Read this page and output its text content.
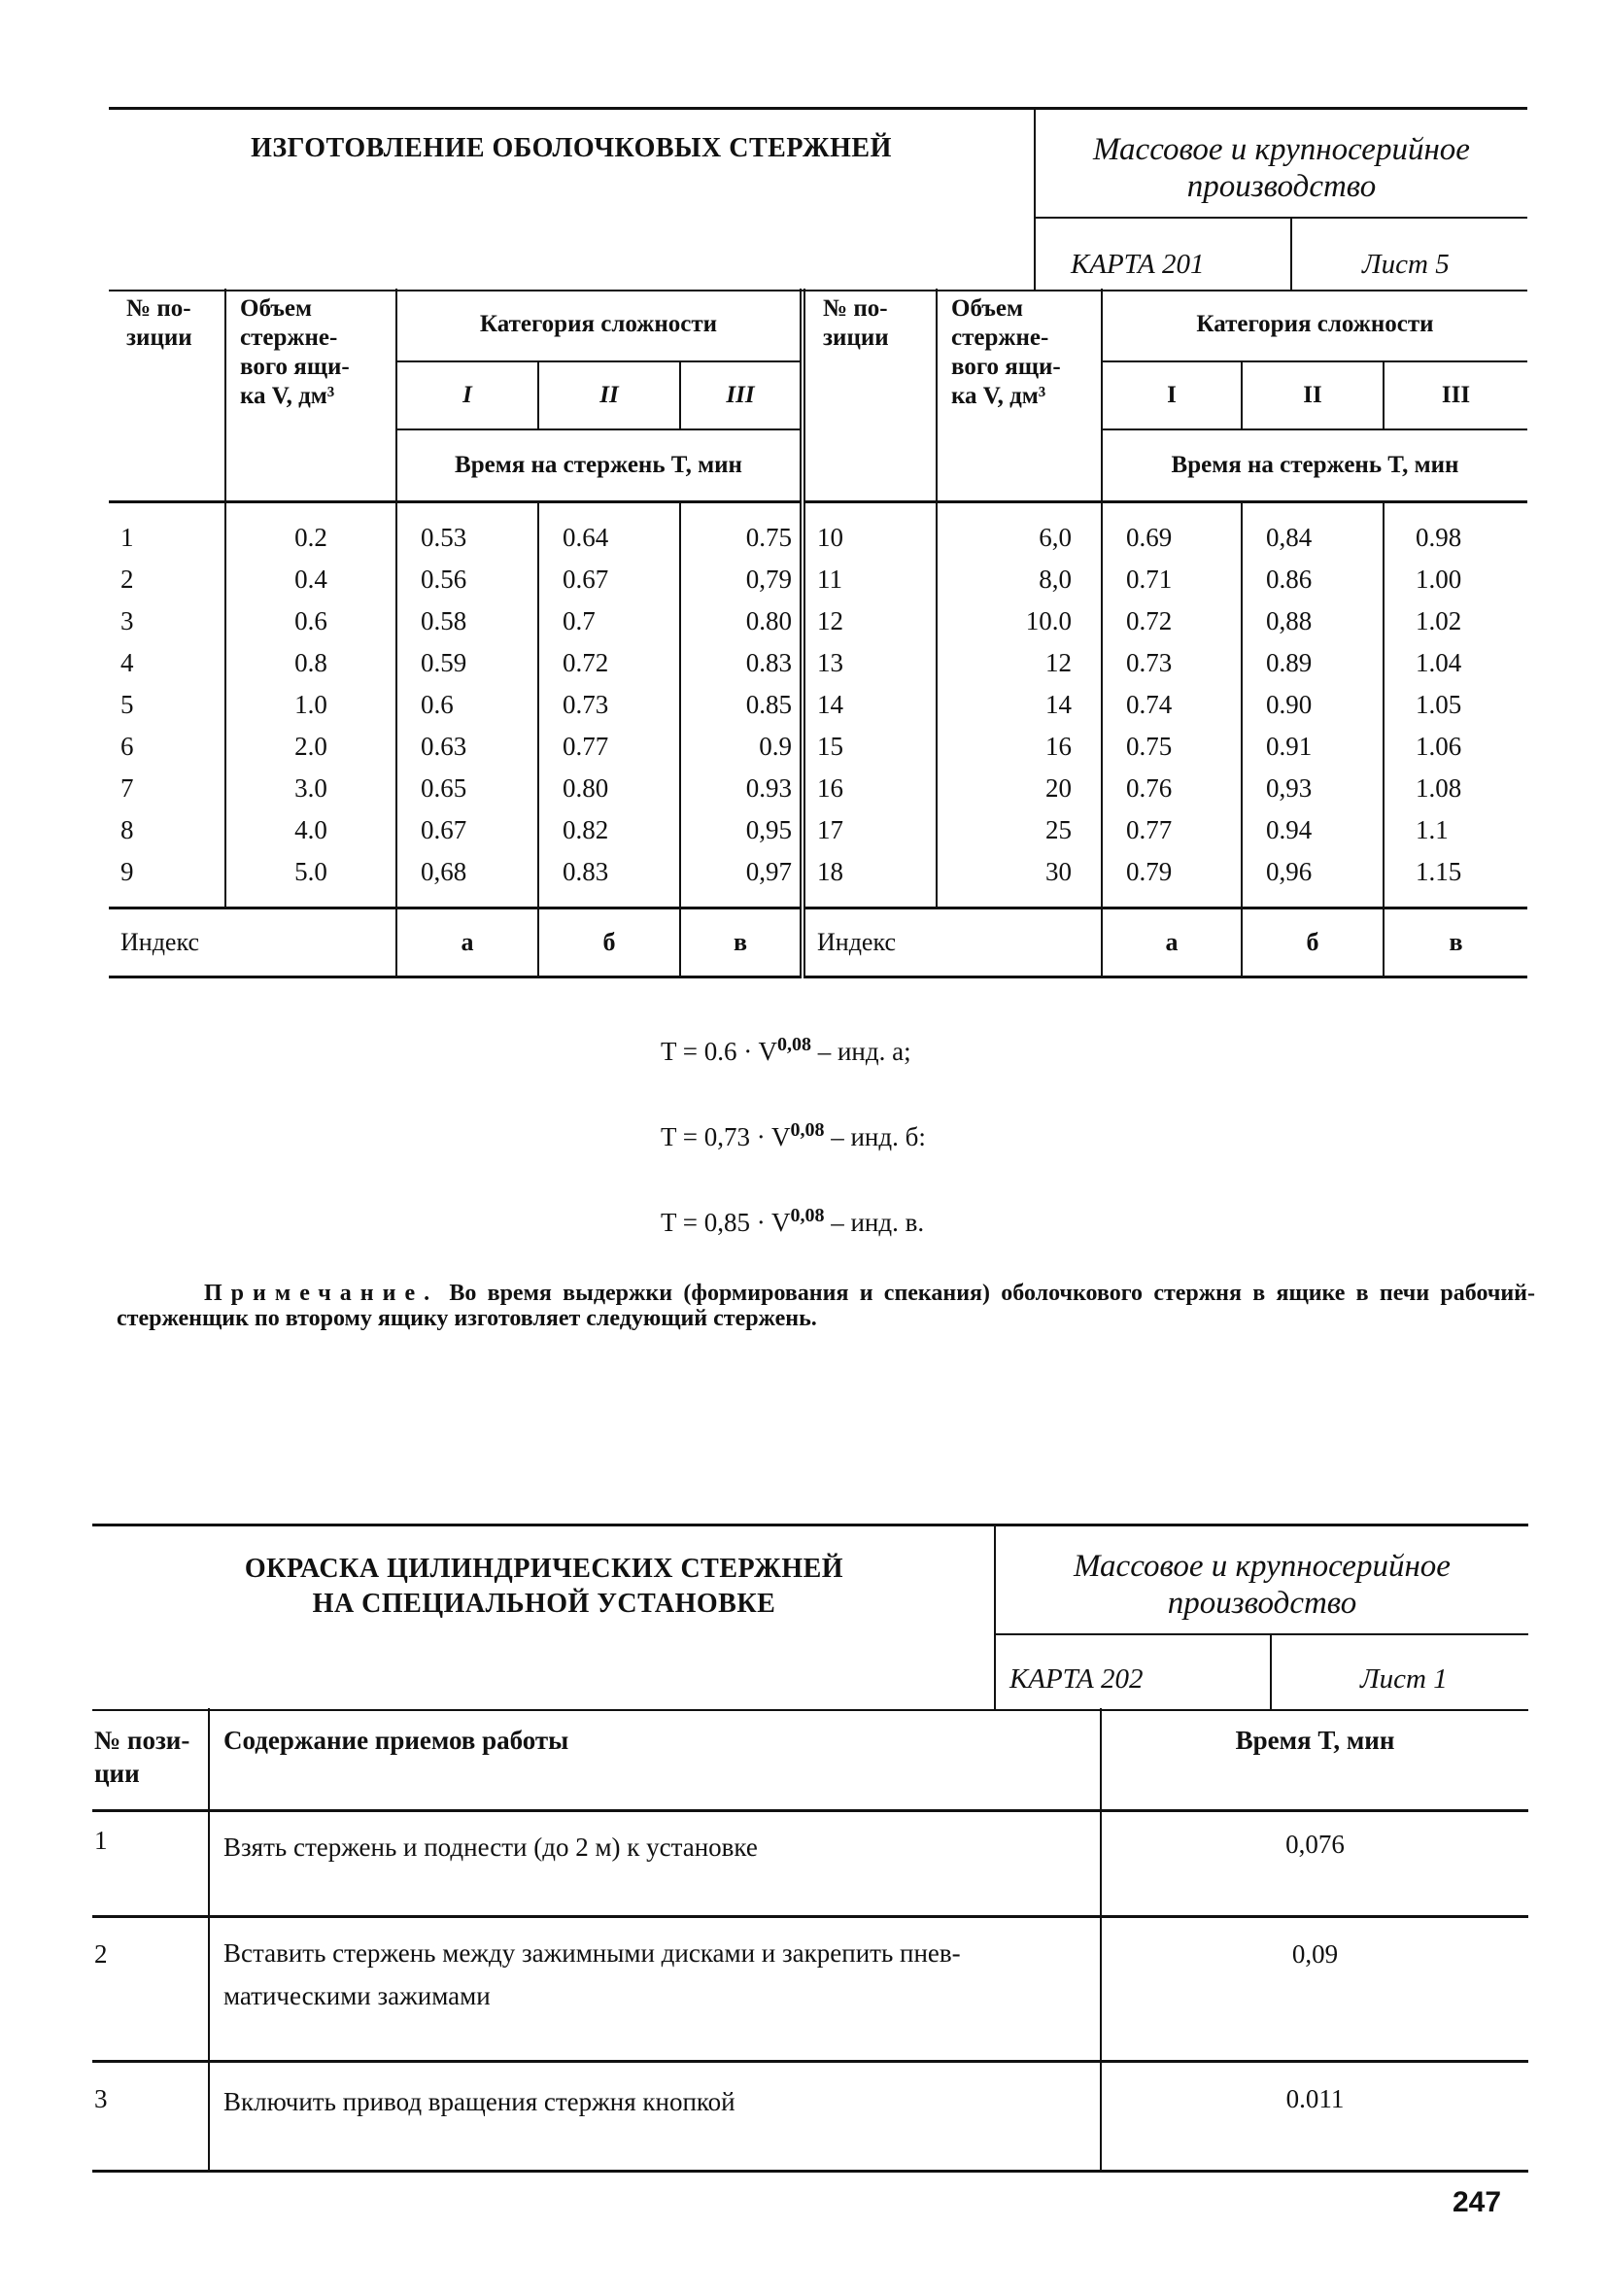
ИЗГОТОВЛЕНИЕ ОБОЛОЧКОВЫХ СТЕРЖНЕЙ	Массовое и крупносерийное
производство
КАРТА 201	Лист 5
№ по-
зиции	Объем
стержне-
вого ящи-
ка V, дм³	Категория сложности			№ по-
зиции	Объем
стержне-
вого ящи-
ка V, дм³	Категория сложности		
		I	II	III			I	II	III
		Время на стержень T, мин					Время на стержень T, мин		
1	0.2	0.53	0.64	0.75	10	6,0	0.69	0,84	0.98
2	0.4	0.56	0.67	0,79	11	8,0	0.71	0.86	1.00
3	0.6	0.58	0.7	0.80	12	10.0	0.72	0,88	1.02
4	0.8	0.59	0.72	0.83	13	12	0.73	0.89	1.04
5	1.0	0.6	0.73	0.85	14	14	0.74	0.90	1.05
6	2.0	0.63	0.77	0.9	15	16	0.75	0.91	1.06
7	3.0	0.65	0.80	0.93	16	20	0.76	0,93	1.08
8	4.0	0.67	0.82	0,95	17	25	0.77	0.94	1.1
9	5.0	0,68	0.83	0,97	18	30	0.79	0,96	1.15
Индекс		а	б	в	Индекс		а	б	в
T = 0.6 · V$^{0,08}$ – инд. а;
T = 0,73 · V$^{0,08}$ – инд. б:
T = 0,85 · V$^{0,08}$ – инд. в.
Примечание. Во время выдержки (формирования и спекания) оболочкового стержня в ящике в печи рабочий-стерженщик по второму ящику изготовляет следующий стержень.
ОКРАСКА ЦИЛИНДРИЧЕСКИХ СТЕРЖНЕЙ
НА СПЕЦИАЛЬНОЙ УСТАНОВКЕ
Массовое и крупносерийное
производство
КАРТА 202	Лист 1
№ пози-
ции	Содержание приемов работы	Время T, мин
1	Взять стержень и поднести (до 2 м) к установке	0,076
2	Вставить стержень между зажимными дисками и закрепить пнев-
матическими зажимами	0,09
3	Включить привод вращения стержня кнопкой	0.011
247
